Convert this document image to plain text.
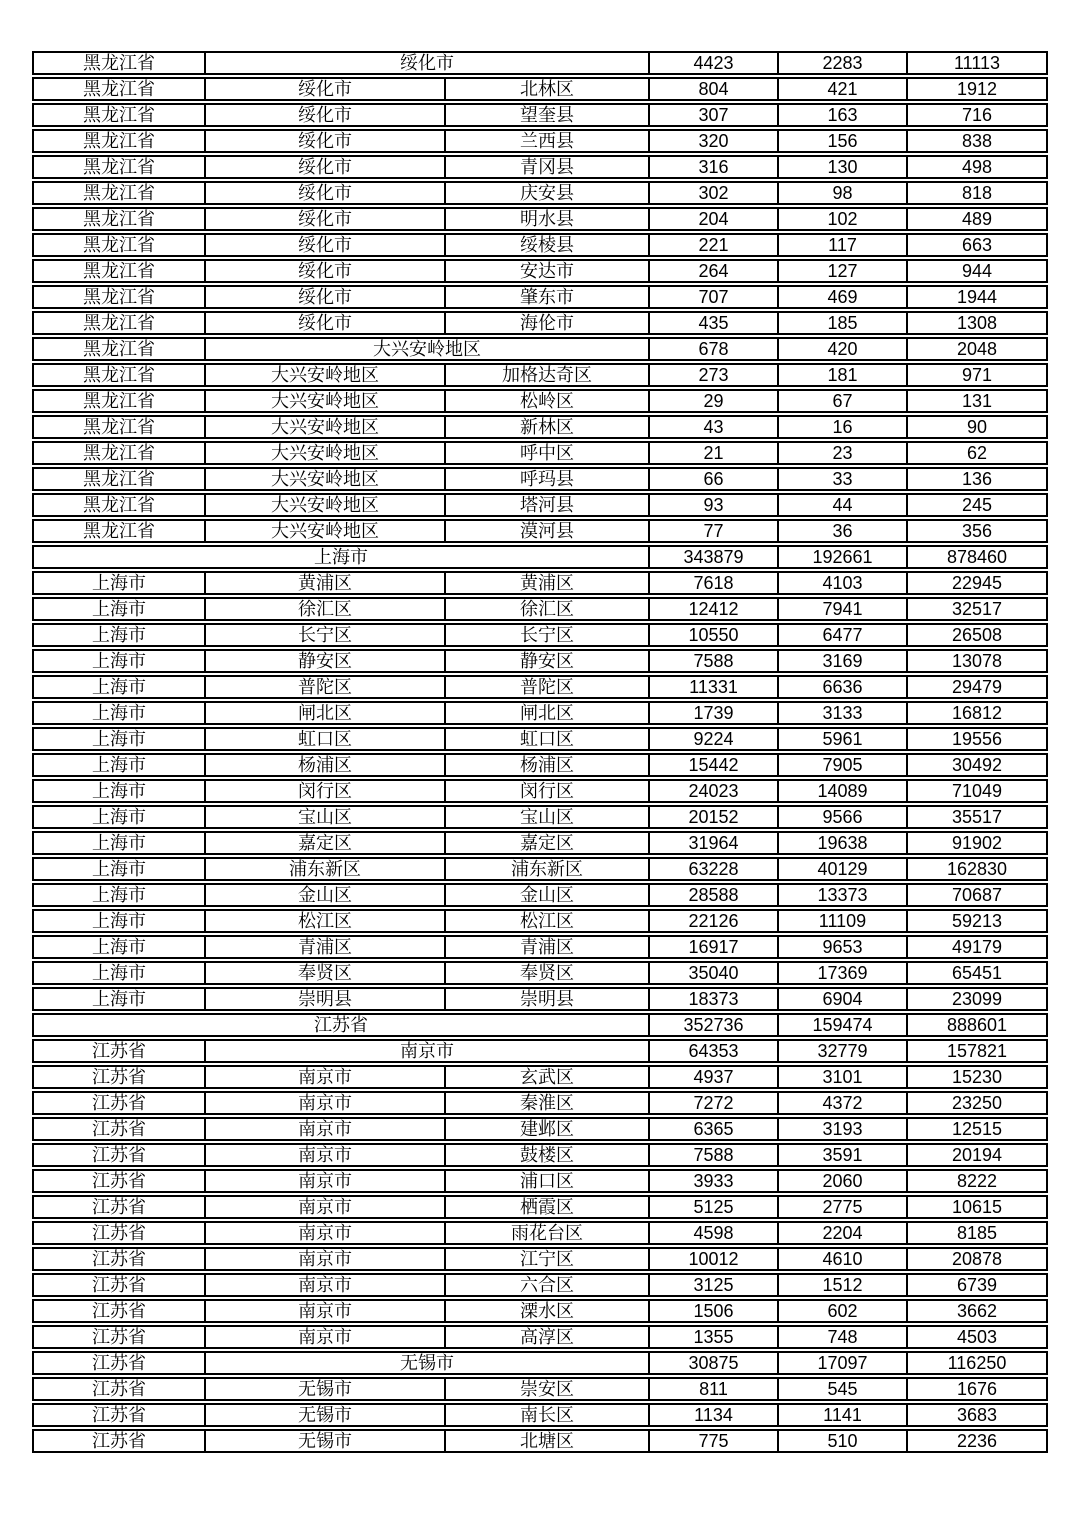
黑龙江省	绥化市	4423	2283	11113
黑龙江省	绥化市	北林区	804	421	1912
黑龙江省	绥化市	望奎县	307	163	716
黑龙江省	绥化市	兰西县	320	156	838
黑龙江省	绥化市	青冈县	316	130	498
黑龙江省	绥化市	庆安县	302	98	818
黑龙江省	绥化市	明水县	204	102	489
黑龙江省	绥化市	绥棱县	221	117	663
黑龙江省	绥化市	安达市	264	127	944
黑龙江省	绥化市	肇东市	707	469	1944
黑龙江省	绥化市	海伦市	435	185	1308
黑龙江省	大兴安岭地区	678	420	2048
黑龙江省	大兴安岭地区	加格达奇区	273	181	971
黑龙江省	大兴安岭地区	松岭区	29	67	131
黑龙江省	大兴安岭地区	新林区	43	16	90
黑龙江省	大兴安岭地区	呼中区	21	23	62
黑龙江省	大兴安岭地区	呼玛县	66	33	136
黑龙江省	大兴安岭地区	塔河县	93	44	245
黑龙江省	大兴安岭地区	漠河县	77	36	356
上海市	343879	192661	878460
上海市	黄浦区	黄浦区	7618	4103	22945
上海市	徐汇区	徐汇区	12412	7941	32517
上海市	长宁区	长宁区	10550	6477	26508
上海市	静安区	静安区	7588	3169	13078
上海市	普陀区	普陀区	11331	6636	29479
上海市	闸北区	闸北区	1739	3133	16812
上海市	虹口区	虹口区	9224	5961	19556
上海市	杨浦区	杨浦区	15442	7905	30492
上海市	闵行区	闵行区	24023	14089	71049
上海市	宝山区	宝山区	20152	9566	35517
上海市	嘉定区	嘉定区	31964	19638	91902
上海市	浦东新区	浦东新区	63228	40129	162830
上海市	金山区	金山区	28588	13373	70687
上海市	松江区	松江区	22126	11109	59213
上海市	青浦区	青浦区	16917	9653	49179
上海市	奉贤区	奉贤区	35040	17369	65451
上海市	崇明县	崇明县	18373	6904	23099
江苏省	352736	159474	888601
江苏省	南京市	64353	32779	157821
江苏省	南京市	玄武区	4937	3101	15230
江苏省	南京市	秦淮区	7272	4372	23250
江苏省	南京市	建邺区	6365	3193	12515
江苏省	南京市	鼓楼区	7588	3591	20194
江苏省	南京市	浦口区	3933	2060	8222
江苏省	南京市	栖霞区	5125	2775	10615
江苏省	南京市	雨花台区	4598	2204	8185
江苏省	南京市	江宁区	10012	4610	20878
江苏省	南京市	六合区	3125	1512	6739
江苏省	南京市	溧水区	1506	602	3662
江苏省	南京市	高淳区	1355	748	4503
江苏省	无锡市	30875	17097	116250
江苏省	无锡市	崇安区	811	545	1676
江苏省	无锡市	南长区	1134	1141	3683
江苏省	无锡市	北塘区	775	510	2236
